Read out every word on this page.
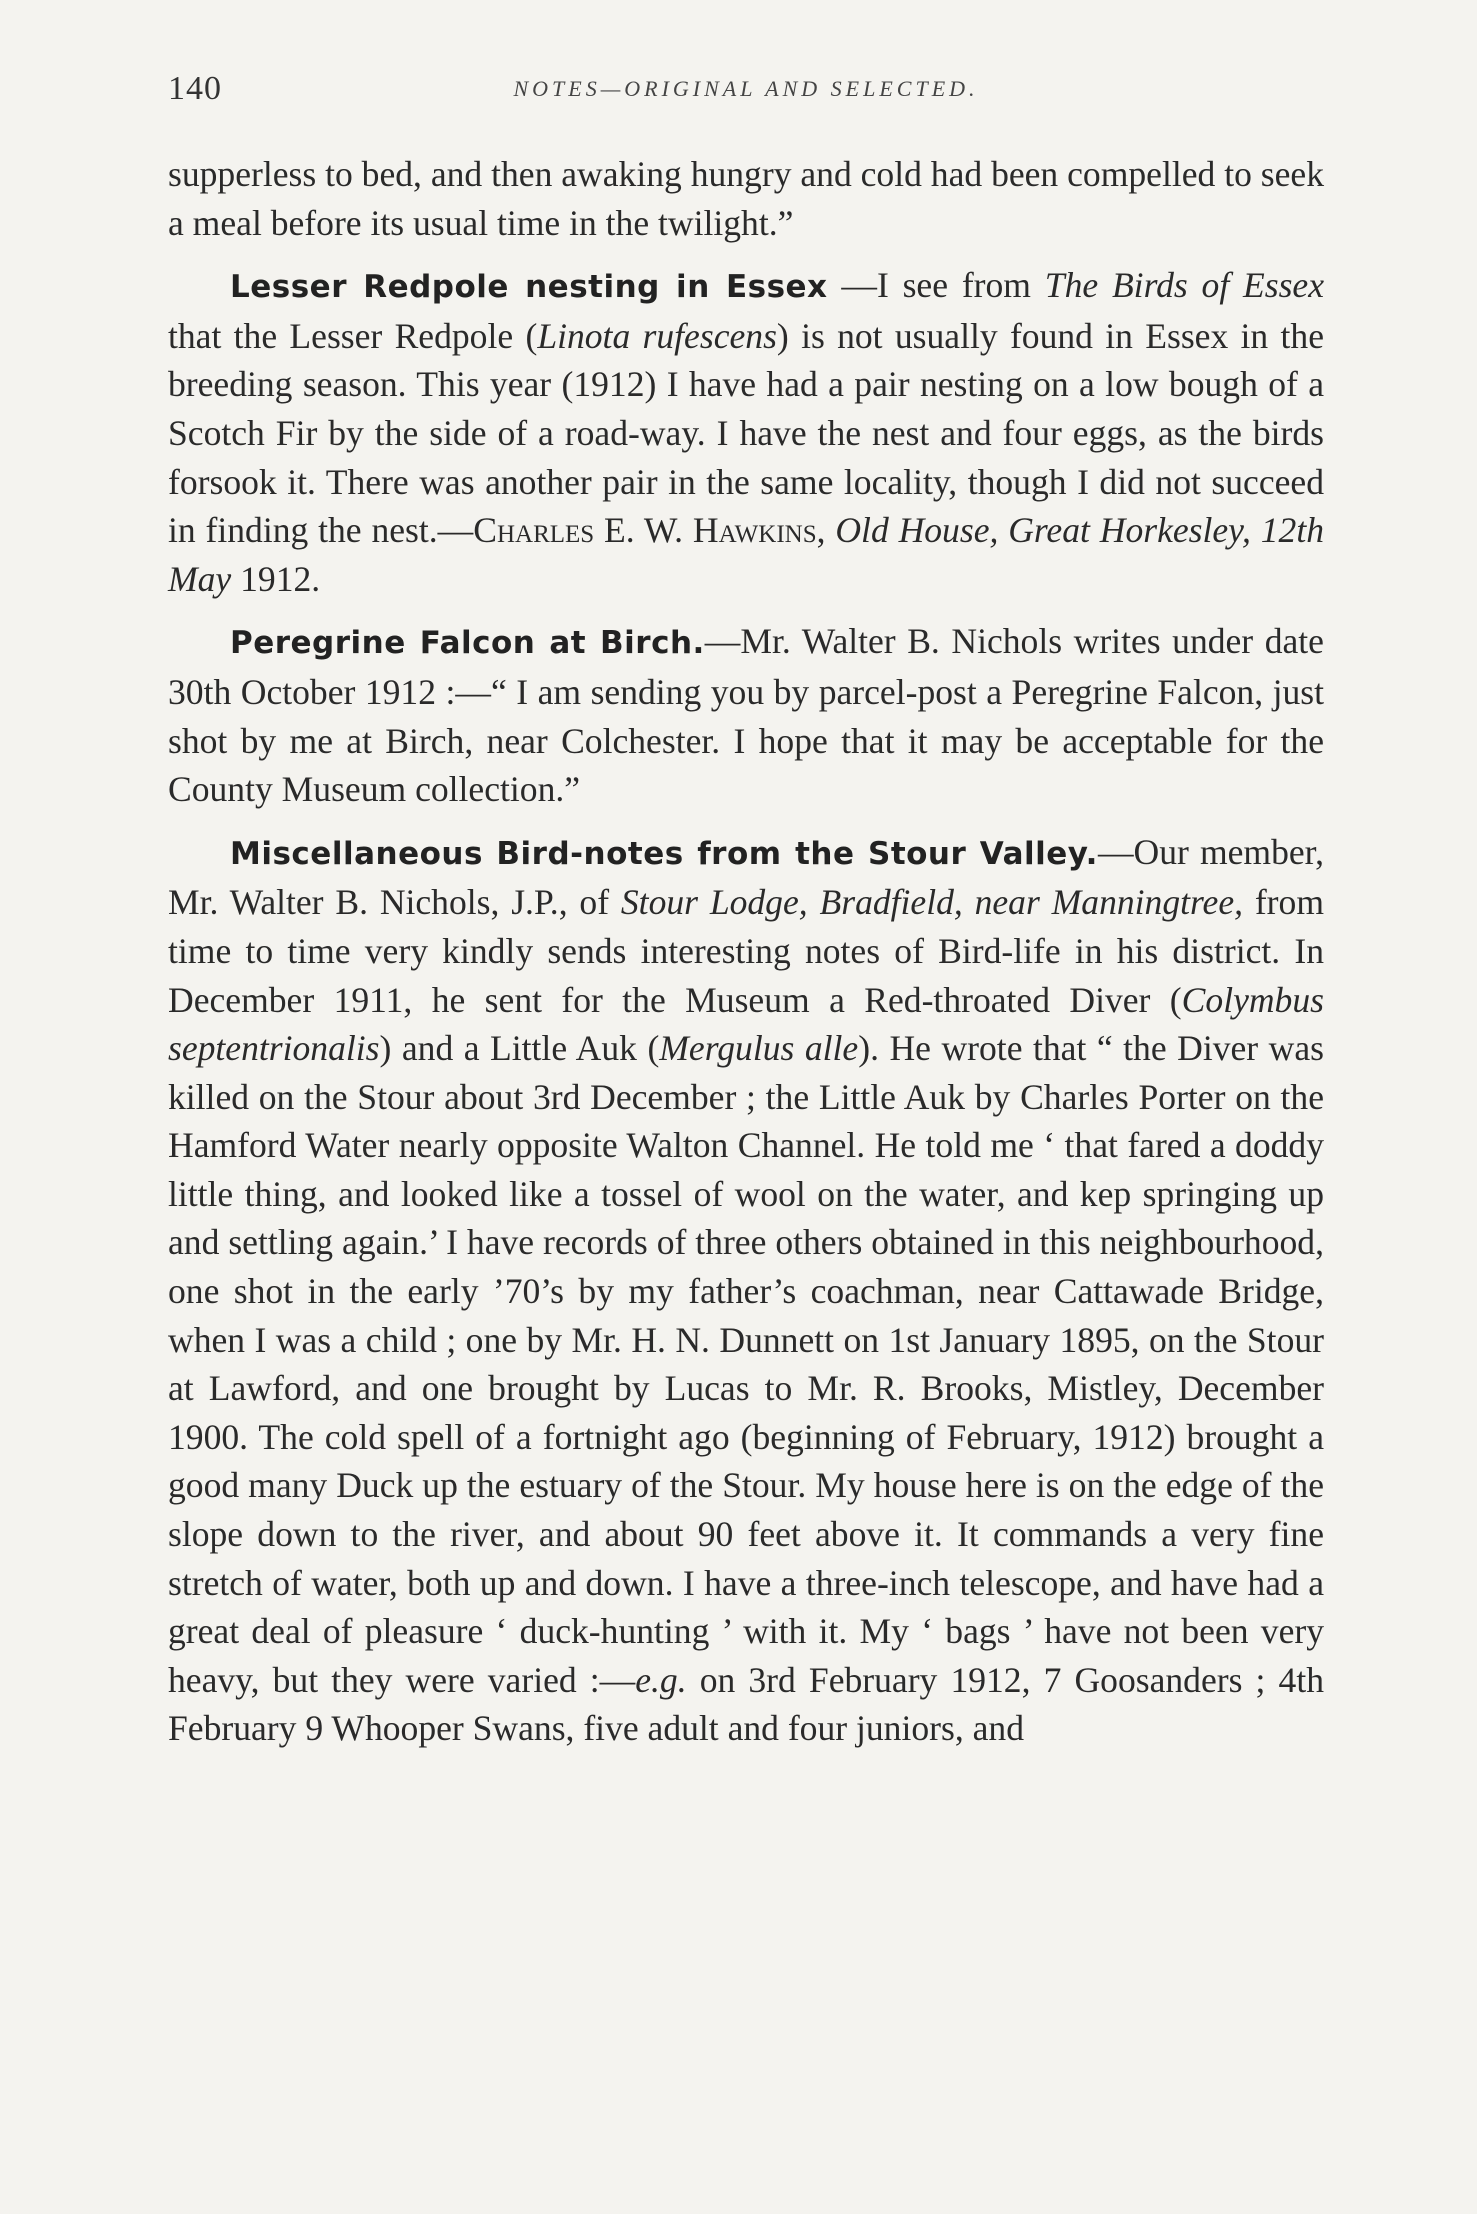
140	NOTES—ORIGINAL AND SELECTED.

supperless to bed, and then awaking hungry and cold had been compelled to seek a meal before its usual time in the twilight.”

Lesser Redpole nesting in Essex —I see from The Birds of Essex that the Lesser Redpole (Linota rufescens) is not usually found in Essex in the breeding season. This year (1912) I have had a pair nesting on a low bough of a Scotch Fir by the side of a road-way. I have the nest and four eggs, as the birds forsook it. There was another pair in the same locality, though I did not succeed in finding the nest.—Charles E. W. Hawkins, Old House, Great Horkesley, 12th May 1912.

Peregrine Falcon at Birch.—Mr. Walter B. Nichols writes under date 30th October 1912 :—“ I am sending you by parcel-post a Peregrine Falcon, just shot by me at Birch, near Colchester. I hope that it may be acceptable for the County Museum collection.”

Miscellaneous Bird-notes from the Stour Valley.—Our member, Mr. Walter B. Nichols, J.P., of Stour Lodge, Bradfield, near Manningtree, from time to time very kindly sends interesting notes of Bird-life in his district. In December 1911, he sent for the Museum a Red-throated Diver (Colymbus septentrionalis) and a Little Auk (Mergulus alle). He wrote that “ the Diver was killed on the Stour about 3rd December ; the Little Auk by Charles Porter on the Hamford Water nearly opposite Walton Channel. He told me ‘ that fared a doddy little thing, and looked like a tossel of wool on the water, and kep springing up and settling again.’ I have records of three others obtained in this neighbourhood, one shot in the early ’70’s by my father’s coachman, near Cattawade Bridge, when I was a child ; one by Mr. H. N. Dunnett on 1st January 1895, on the Stour at Lawford, and one brought by Lucas to Mr. R. Brooks, Mistley, December 1900. The cold spell of a fortnight ago (beginning of February, 1912) brought a good many Duck up the estuary of the Stour. My house here is on the edge of the slope down to the river, and about 90 feet above it. It commands a very fine stretch of water, both up and down. I have a three-inch telescope, and have had a great deal of pleasure ‘ duck-hunting ’ with it. My ‘ bags ’ have not been very heavy, but they were varied :—e.g. on 3rd February 1912, 7 Goosanders ; 4th February 9 Whooper Swans, five adult and four juniors, and
